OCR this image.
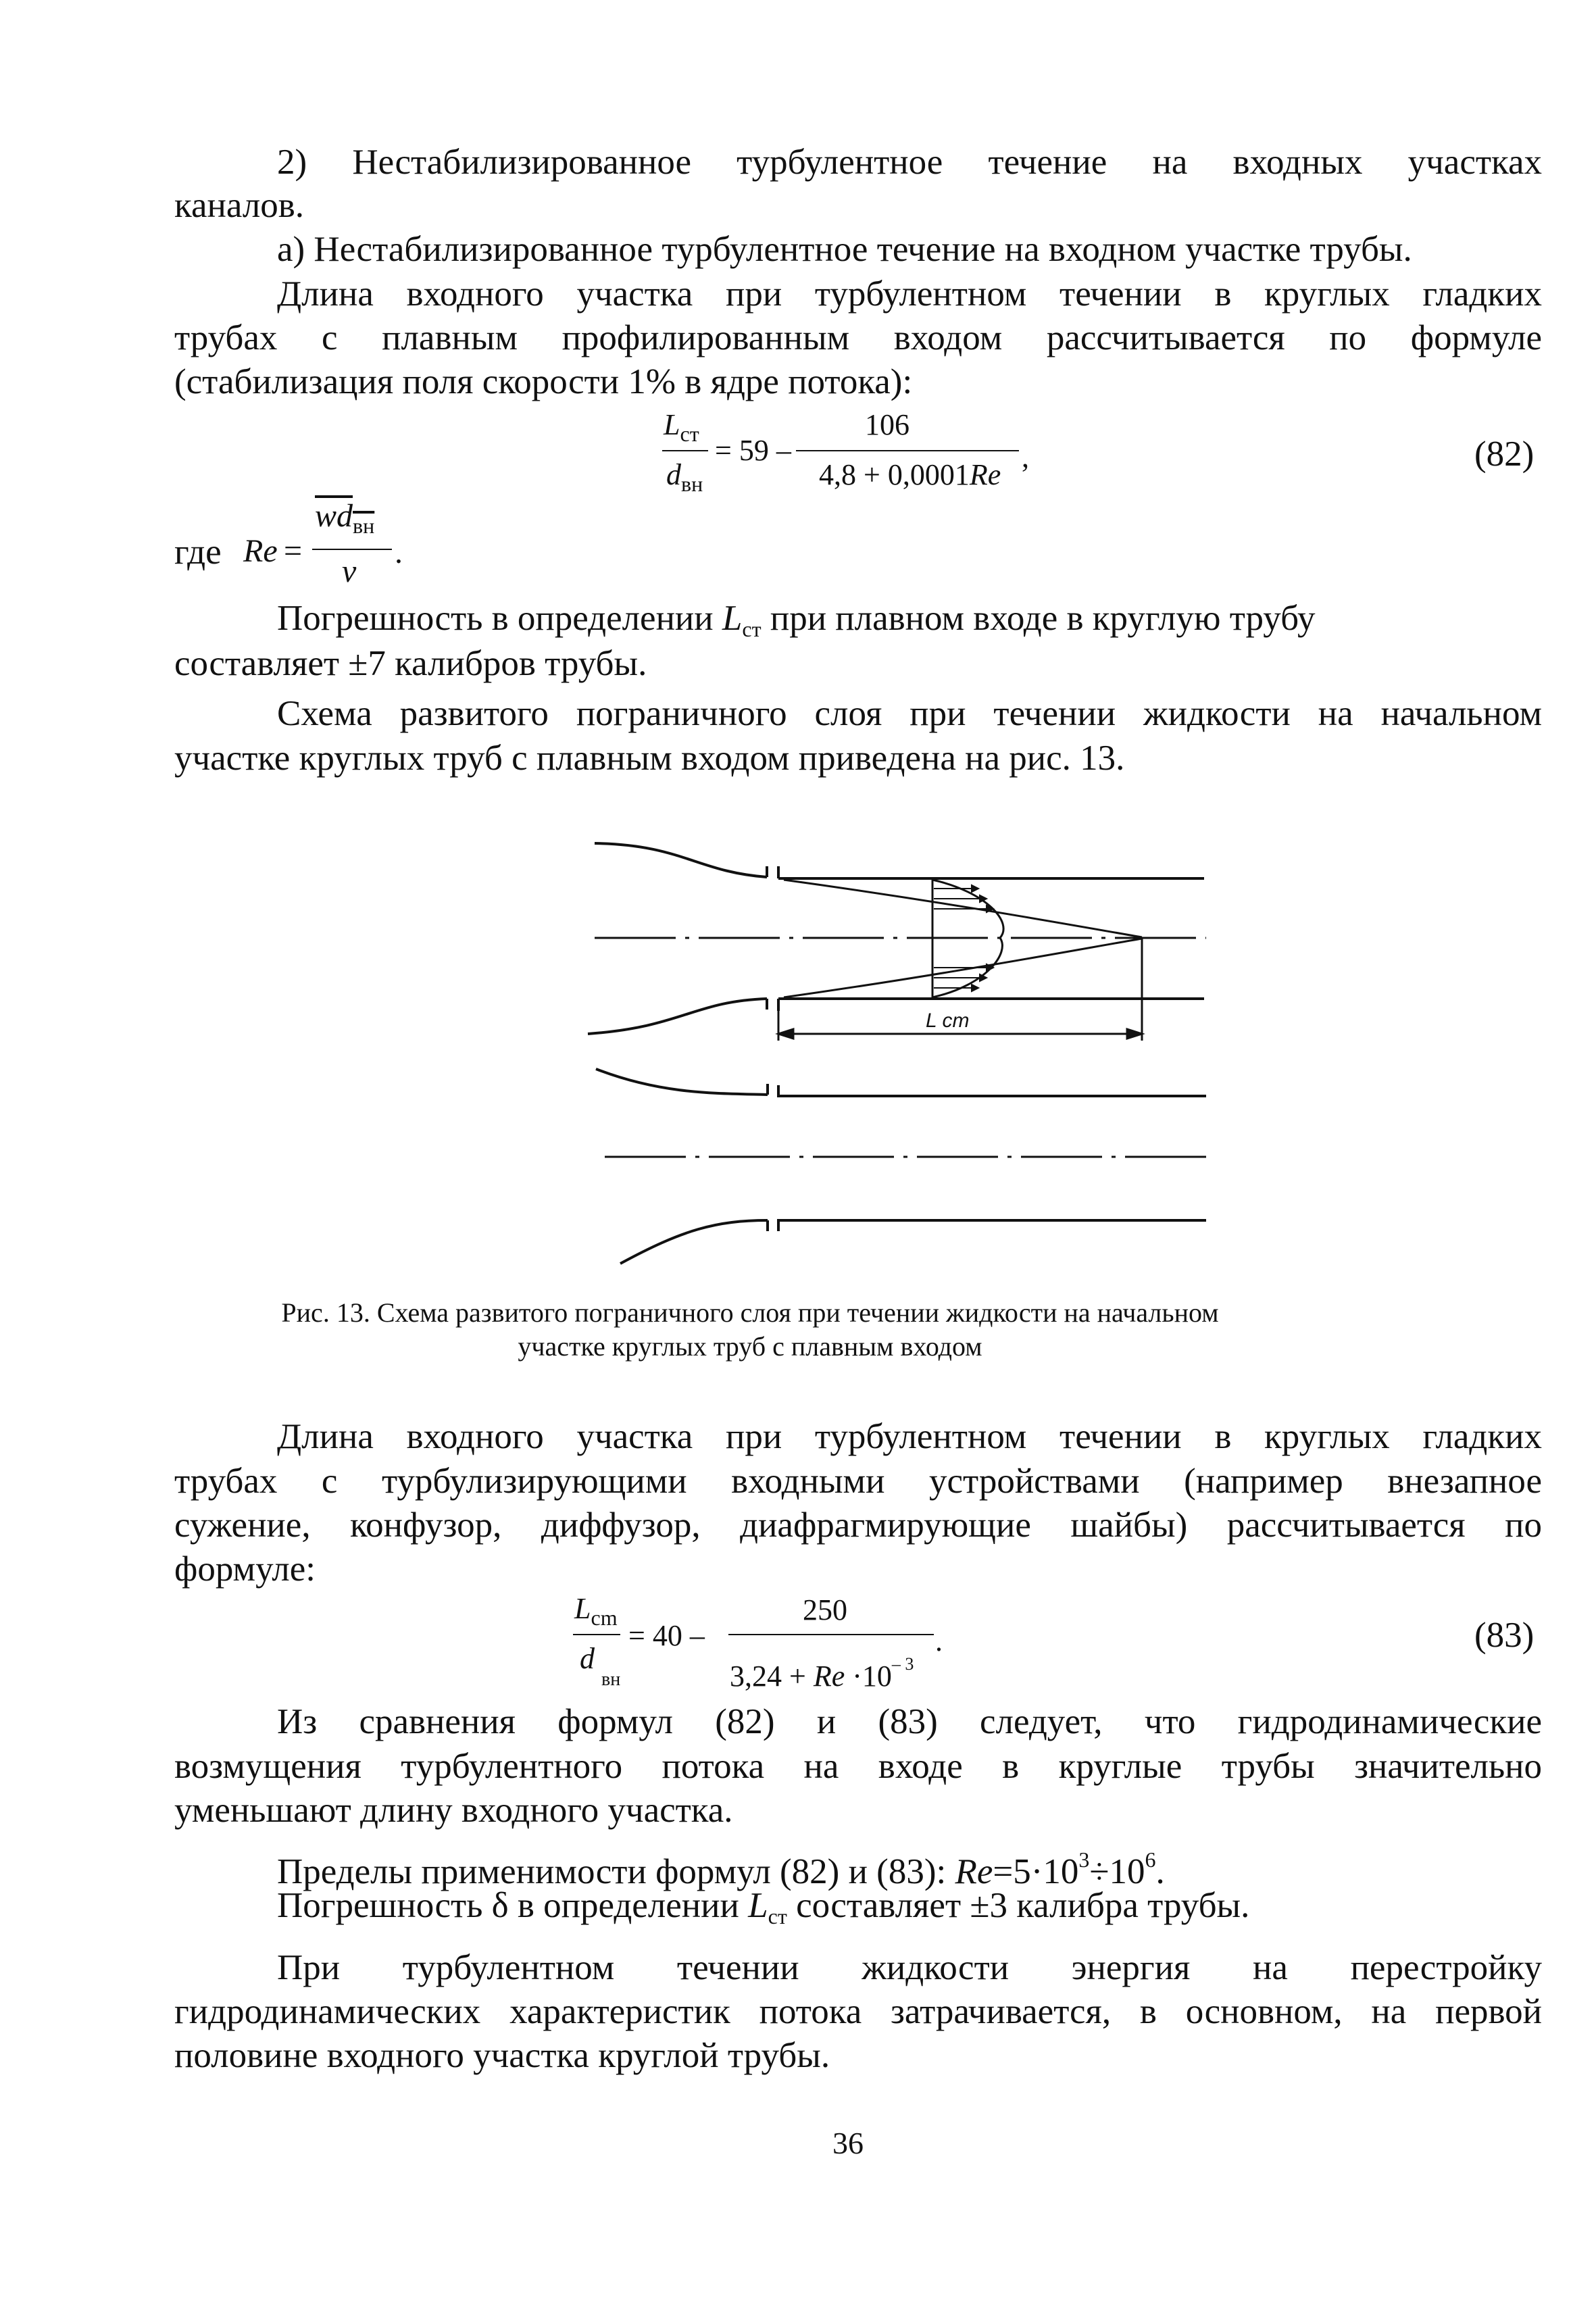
2) Нестабилизированное турбулентное течение на входных участках
каналов.
а) Нестабилизированное турбулентное течение на входном участке трубы.
Длина входного участка при турбулентном течении в круглых гладких
трубах с плавным профилированным входом рассчитывается по формуле
(стабилизация поля скорости 1% в ядре потока):
$L_{ст}$
$d_{вн}$
= 59 –
106
4,8 + 0,0001Re
,	(82)
где Re =
$wd_{вн}$
ν
.
Погрешность в определении $L_{ст}$ при плавном входе в круглую трубу
составляет ±7 калибров трубы.
Схема развитого пограничного слоя при течении жидкости на начальном
участке круглых труб с плавным входом приведена на рис. 13.
L ст
Рис. 13. Схема развитого пограничного слоя при течении жидкости на начальном
участке круглых труб с плавным входом
Длина входного участка при турбулентном течении в круглых гладких
трубах с турбулизирующими входными устройствами (например внезапное
сужение, конфузор, диффузор, диафрагмирующие шайбы) рассчитывается по
формуле:
$L_{cm}$
d
вн
= 40 –
250
$3,24 + Re \cdot 10^{- 3}$
.	(83)
Из сравнения формул (82) и (83) следует, что гидродинамические
возмущения турбулентного потока на входе в круглые трубы значительно
уменьшают длину входного участка.
Пределы применимости формул (82) и (83): $Re=5\cdot 10^3\div 10^6$.
Погрешность δ в определении $L_{ст}$ составляет ±3 калибра трубы.
При турбулентном течении жидкости энергия на перестройку
гидродинамических характеристик потока затрачивается, в основном, на первой
половине входного участка круглой трубы.
36
